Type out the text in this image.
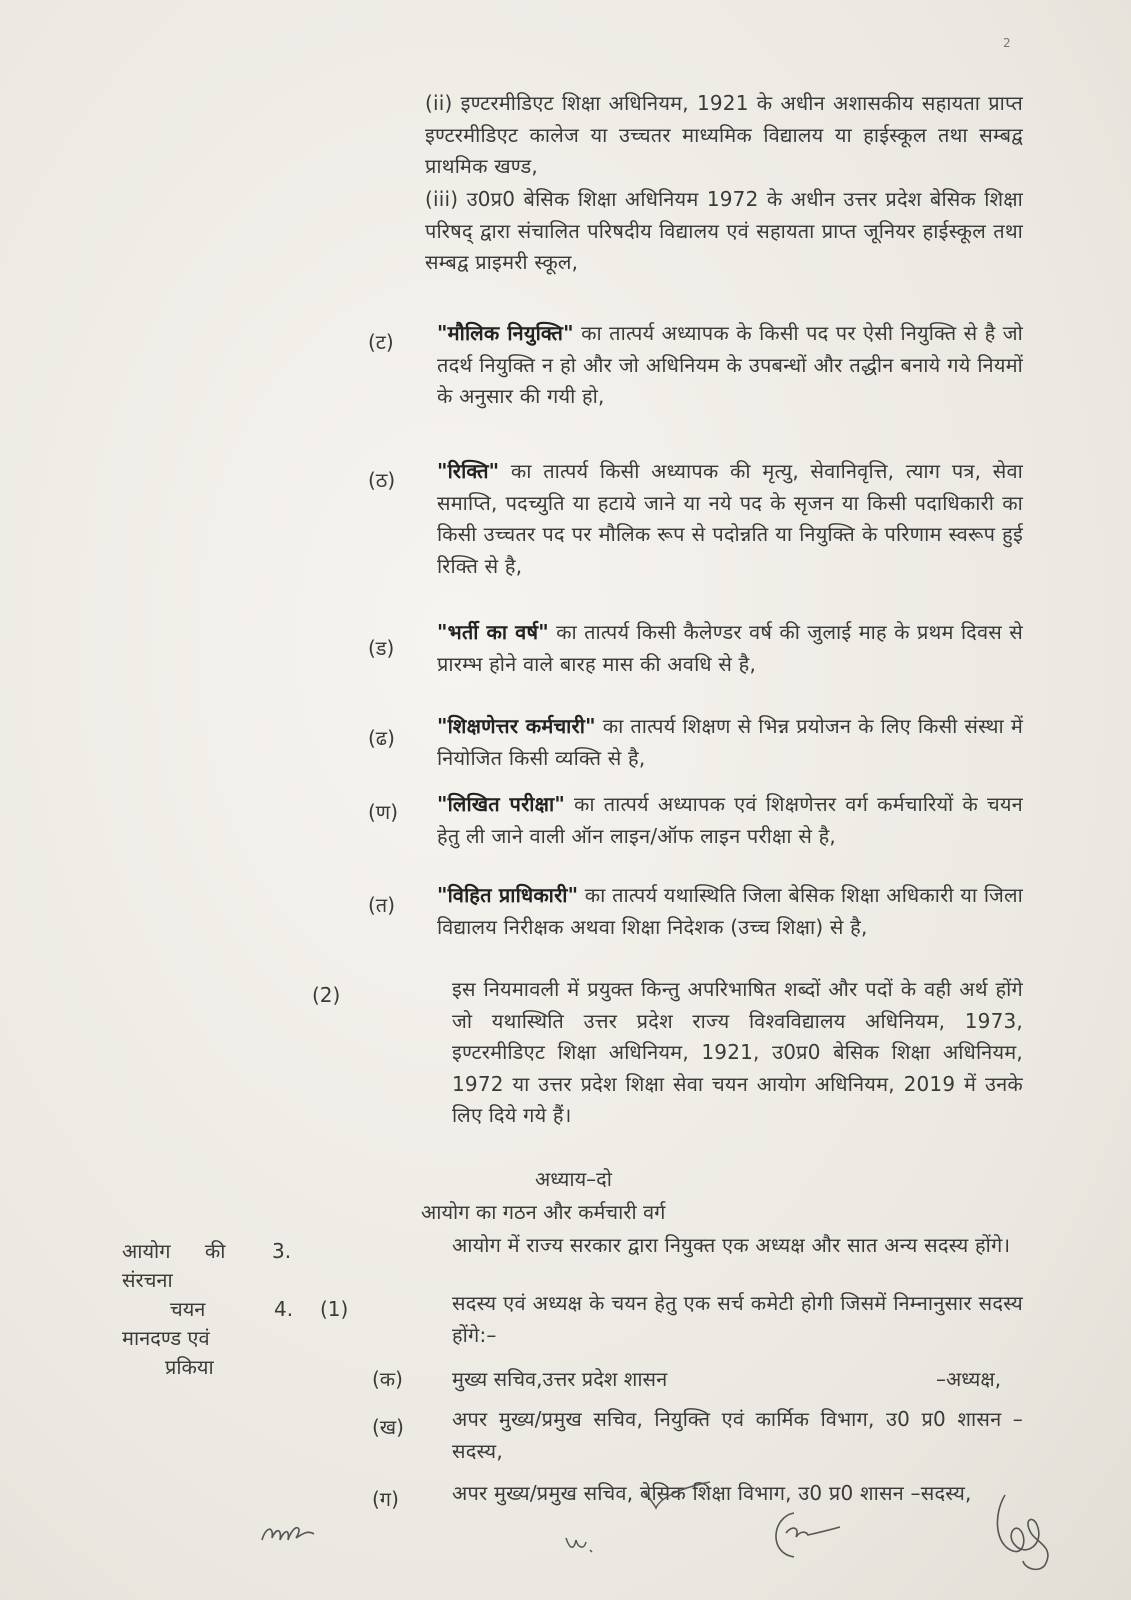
2
(ii) इण्टरमीडिएट शिक्षा अधिनियम, 1921 के अधीन अशासकीय सहायता प्राप्त इण्टरमीडिएट कालेज या उच्चतर माध्यमिक विद्यालय या हाईस्कूल तथा सम्बद्व प्राथमिक खण्ड,
(iii) उ0प्र0 बेसिक शिक्षा अधिनियम 1972 के अधीन उत्तर प्रदेश बेसिक शिक्षा परिषद् द्वारा संचालित परिषदीय विद्यालय एवं सहायता प्राप्त जूनियर हाईस्कूल तथा सम्बद्व प्राइमरी स्कूल,
(ट) "मौलिक नियुक्ति" का तात्पर्य अध्यापक के किसी पद पर ऐसी नियुक्ति से है जो तदर्थ नियुक्ति न हो और जो अधिनियम के उपबन्धों और तद्धीन बनाये गये नियमों के अनुसार की गयी हो,
(ठ) "रिक्ति" का तात्पर्य किसी अध्यापक की मृत्यु, सेवानिवृत्ति, त्याग पत्र, सेवा समाप्ति, पदच्युति या हटाये जाने या नये पद के सृजन या किसी पदाधिकारी का किसी उच्चतर पद पर मौलिक रूप से पदोन्नति या नियुक्ति के परिणाम स्वरूप हुई रिक्ति से है,
(ड)
"भर्ती का वर्ष" का तात्पर्य किसी कैलेण्डर वर्ष की जुलाई माह के प्रथम दिवस से प्रारम्भ होने वाले बारह मास की अवधि से है,
(ढ) "शिक्षणेत्तर कर्मचारी" का तात्पर्य शिक्षण से भिन्न प्रयोजन के लिए किसी संस्था में नियोजित किसी व्यक्ति से है,
(ण) "लिखित परीक्षा" का तात्पर्य अध्यापक एवं शिक्षणेत्तर वर्ग कर्मचारियों के चयन हेतु ली जाने वाली ऑन लाइन/ऑफ लाइन परीक्षा से है,
(त) "विहित प्राधिकारी" का तात्पर्य यथास्थिति जिला बेसिक शिक्षा अधिकारी या जिला विद्यालय निरीक्षक अथवा शिक्षा निदेशक (उच्च शिक्षा) से है,
(2)	इस नियमावली में प्रयुक्त किन्तु अपरिभाषित शब्दों और पदों के वही अर्थ होंगे जो यथास्थिति उत्तर प्रदेश राज्य विश्वविद्यालय अधिनियम, 1973, इण्टरमीडिएट शिक्षा अधिनियम, 1921, उ0प्र0 बेसिक शिक्षा अधिनियम, 1972 या उत्तर प्रदेश शिक्षा सेवा चयन आयोग अधिनियम, 2019 में उनके लिए दिये गये हैं।
अध्याय–दो
आयोग का गठन और कर्मचारी वर्ग
आयोग की
संरचना
3.	आयोग में राज्य सरकार द्वारा नियुक्त एक अध्यक्ष और सात अन्य सदस्य होंगे।
चयन
मानदण्ड एवं
प्रकिया
4. (1)	सदस्य एवं अध्यक्ष के चयन हेतु एक सर्च कमेटी होगी जिसमें निम्नानुसार सदस्य होंगे:–
(क) मुख्य सचिव,उत्तर प्रदेश शासन	–अध्यक्ष,
(ख) अपर मुख्य/प्रमुख सचिव, नियुक्ति एवं कार्मिक विभाग, उ0 प्र0 शासन – सदस्य,
(ग)	अपर मुख्य/प्रमुख सचिव, बेसिक शिक्षा विभाग, उ0 प्र0 शासन –सदस्य,
